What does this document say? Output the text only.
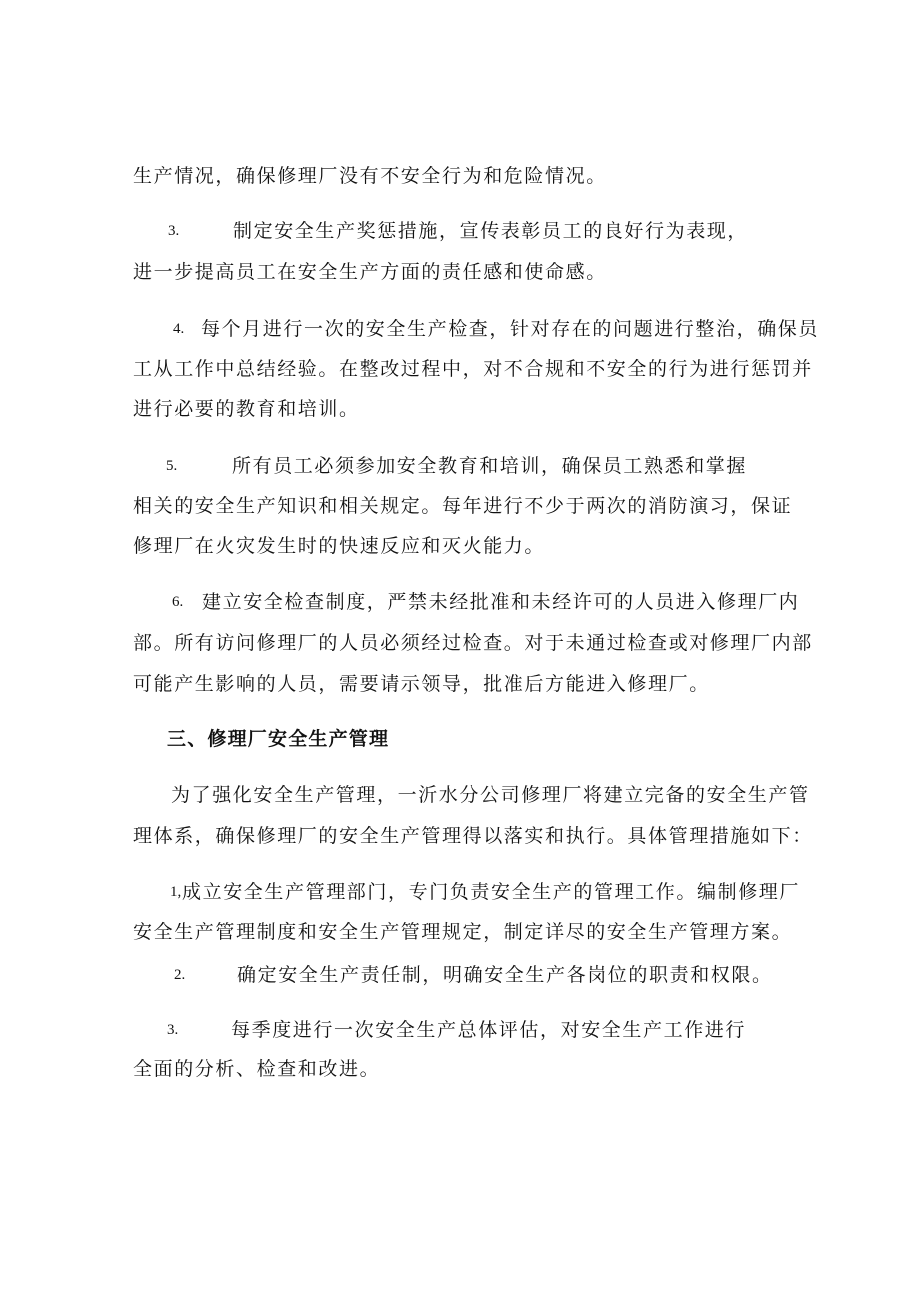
生产情况，确保修理厂没有不安全行为和危险情况。
3.	制定安全生产奖惩措施，宣传表彰员工的良好行为表现，
进一步提高员工在安全生产方面的责任感和使命感。
4. 每个月进行一次的安全生产检查，针对存在的问题进行整治，确保员
工从工作中总结经验。在整改过程中，对不合规和不安全的行为进行惩罚并
进行必要的教育和培训。
5.	所有员工必须参加安全教育和培训，确保员工熟悉和掌握
相关的安全生产知识和相关规定。每年进行不少于两次的消防演习，保证
修理厂在火灾发生时的快速反应和灭火能力。
6. 建立安全检查制度，严禁未经批准和未经许可的人员进入修理厂内
部。所有访问修理厂的人员必须经过检查。对于未通过检查或对修理厂内部
可能产生影响的人员，需要请示领导，批准后方能进入修理厂。
三、修理厂安全生产管理
为了强化安全生产管理，一沂水分公司修理厂将建立完备的安全生产管
理体系，确保修理厂的安全生产管理得以落实和执行。具体管理措施如下：
1, 成立安全生产管理部门，专门负责安全生产的管理工作。编制修理厂
安全生产管理制度和安全生产管理规定，制定详尽的安全生产管理方案。
2.	确定安全生产责任制，明确安全生产各岗位的职责和权限。
3.	每季度进行一次安全生产总体评估，对安全生产工作进行
全面的分析、检查和改进。
